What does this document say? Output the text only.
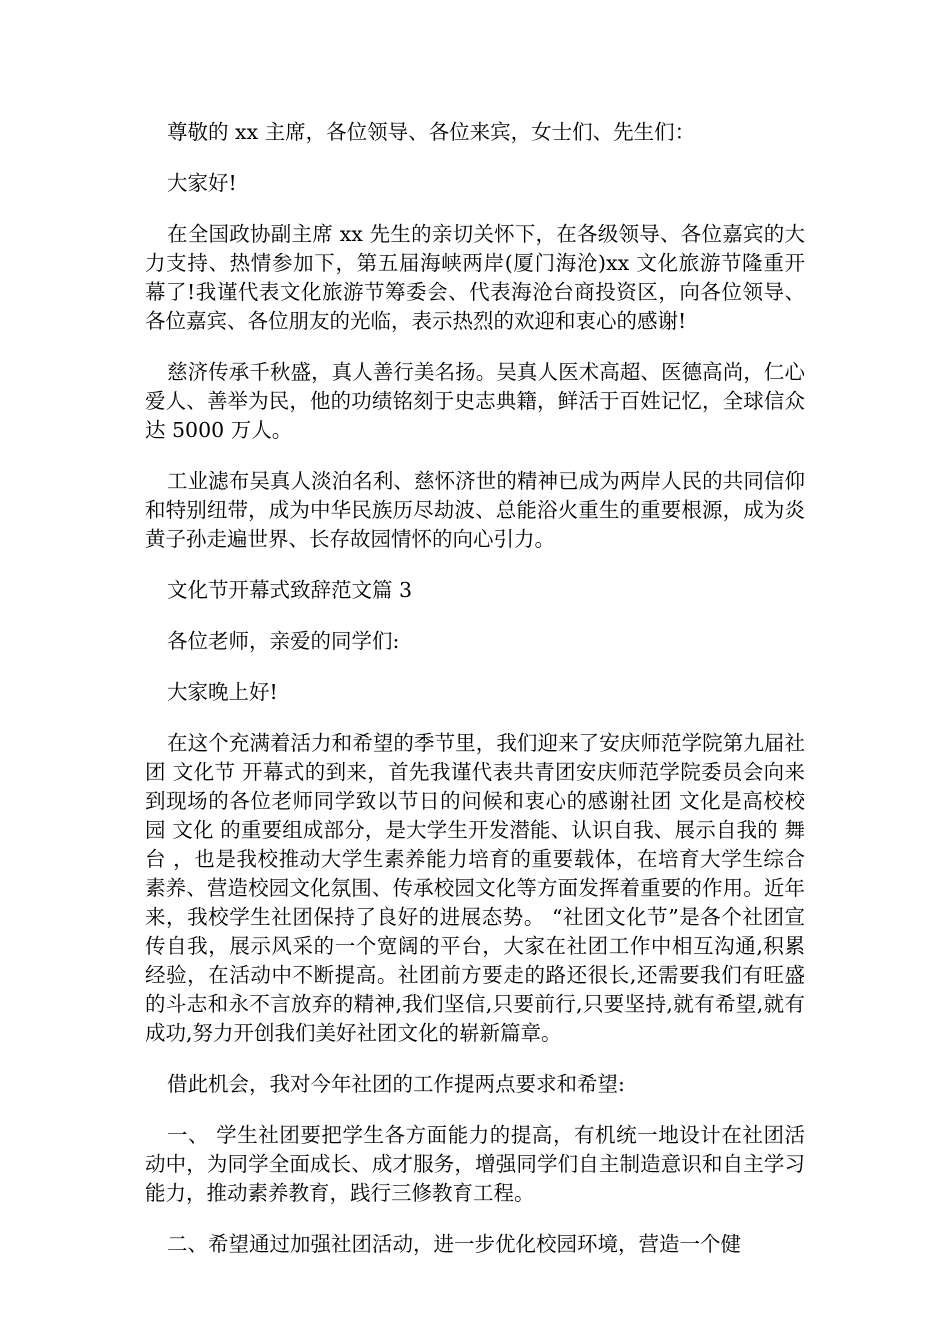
尊敬的 xx 主席，各位领导、各位来宾，女士们、先生们：

大家好!

在全国政协副主席 xx 先生的亲切关怀下，在各级领导、各位嘉宾的大力支持、热情参加下，第五届海峡两岸(厦门海沧)xx 文化旅游节隆重开幕了!我谨代表文化旅游节筹委会、代表海沧台商投资区，向各位领导、各位嘉宾、各位朋友的光临，表示热烈的欢迎和衷心的感谢!

慈济传承千秋盛，真人善行美名扬。吴真人医术高超、医德高尚，仁心爱人、善举为民，他的功绩铭刻于史志典籍，鲜活于百姓记忆，全球信众达 5000 万人。

工业滤布吴真人淡泊名利、慈怀济世的精神已成为两岸人民的共同信仰和特别纽带，成为中华民族历尽劫波、总能浴火重生的重要根源，成为炎黄子孙走遍世界、长存故园情怀的向心引力。

文化节开幕式致辞范文篇 3

各位老师，亲爱的同学们:

大家晚上好!

在这个充满着活力和希望的季节里，我们迎来了安庆师范学院第九届社团 文化节 开幕式的到来，首先我谨代表共青团安庆师范学院委员会向来到现场的各位老师同学致以节日的问候和衷心的感谢社团 文化是高校校园 文化 的重要组成部分，是大学生开发潜能、认识自我、展示自我的 舞台 ，也是我校推动大学生素养能力培育的重要载体，在培育大学生综合素养、营造校园文化氛围、传承校园文化等方面发挥着重要的作用。近年来，我校学生社团保持了良好的进展态势。 “社团文化节”是各个社团宣传自我，展示风采的一个宽阔的平台，大家在社团工作中相互沟通,积累经验，在活动中不断提高。社团前方要走的路还很长,还需要我们有旺盛的斗志和永不言放弃的精神,我们坚信,只要前行,只要坚持,就有希望,就有成功,努力开创我们美好社团文化的崭新篇章。

借此机会，我对今年社团的工作提两点要求和希望:

一、 学生社团要把学生各方面能力的提高，有机统一地设计在社团活动中，为同学全面成长、成才服务，增强同学们自主制造意识和自主学习能力，推动素养教育，践行三修教育工程。

二、希望通过加强社团活动，进一步优化校园环境，营造一个健
